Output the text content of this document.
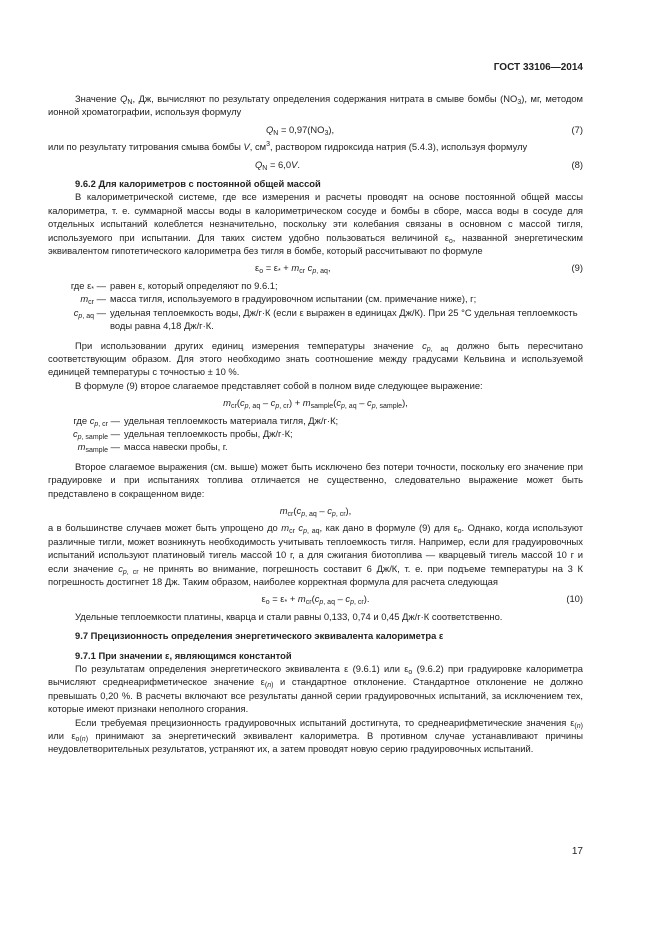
ГОСТ 33106—2014

Значение $Q_N$, Дж, вычисляют по результату определения содержания нитрата в смыве бомбы $(NO_3)$, мг, методом ионной хроматографии, используя формулу

$Q_N = 0,97(NO_3)$,	(7)

или по результату титрования смыва бомбы V, $см^3$, раствором гидроксида натрия (5.4.3), используя формулу

$Q_N = 6,0V$.	(8)

9.6.2 Для калориметров с постоянной общей массой

В калориметрической системе, где все измерения и расчеты проводят на основе постоянной общей массы калориметра, т. е. суммарной массы воды в калориметрическом сосуде и бомбы в сборе, масса воды в сосуде для отдельных испытаний колеблется незначительно, поскольку эти колебания связаны в основном с массой тигля, используемого при испытании. Для таких систем удобно пользоваться величиной $\varepsilon_o$, названной энергетическим эквивалентом гипотетического калориметра без тигля в бомбе, который рассчитывают по формуле

$\varepsilon_o = \varepsilon_* + m_{cr}$ $c_{p, aq}$,	(9)
где $\varepsilon_*$ — равен ε, который определяют по 9.6.1;
$m_{cr}$ — масса тигля, используемого в градуировочном испытании (см. примечание ниже), г;
$c_{p, aq}$ — удельная теплоемкость воды, Дж/г·К (если ε выражен в единицах Дж/К). При 25 °С удельная теплоемкость воды равна 4,18 Дж/г·К.

При использовании других единиц измерения температуры значение $c_{p, aq}$ должно быть пересчитано соответствующим образом. Для этого необходимо знать соотношение между градусами Кельвина и используемой единицей температуры с точностью ± 10 %.

В формуле (9) второе слагаемое представляет собой в полном виде следующее выражение:

$m_{cr}(c_{p, aq} - c_{p, cr}) + m_{sample}(c_{p, aq} - c_{p, sample})$,
где $c_{p, cr}$ — удельная теплоемкость материала тигля, Дж/г·К;
$c_{p, sample}$ — удельная теплоемкость пробы, Дж/г·К;
$m_{sample}$ — масса навески пробы, г.

Второе слагаемое выражения (см. выше) может быть исключено без потери точности, поскольку его значение при градуировке и при испытаниях топлива отличается не существенно, следовательно выражение может быть представлено в сокращенном виде:

$m_{cr}(c_{p, aq} - c_{p, cr})$,

а в большинстве случаев может быть упрощено до $m_{cr}$ $c_{p, aq}$, как дано в формуле (9) для $\varepsilon_o$. Однако, когда используют различные тигли, может возникнуть необходимость учитывать теплоемкость тигля. Например, если для градуировочных испытаний используют платиновый тигель массой 10 г, а для сжигания биотоплива — кварцевый тигель массой 10 г и если значение $c_{p, cr}$ не принять во внимание, погрешность составит 6 Дж/К, т. е. при подъеме температуры на 3 К погрешность достигнет 18 Дж. Таким образом, наиболее корректная формула для расчета следующая

$\varepsilon_o = \varepsilon_* + m_{cr}(c_{p, aq} - c_{p, cr})$.	(10)

Удельные теплоемкости платины, кварца и стали равны 0,133, 0,74 и 0,45 Дж/г·К соответственно.

9.7 Прецизионность определения энергетического эквивалента калориметра ε

9.7.1 При значении ε, являющимся константой

По результатам определения энергетического эквивалента ε (9.6.1) или $\varepsilon_o$ (9.6.2) при градуировке калориметра вычисляют среднеарифметическое значение $\varepsilon_{(n)}$ и стандартное отклонение. Стандартное отклонение не должно превышать 0,20 %. В расчеты включают все результаты данной серии градуировочных испытаний, за исключением тех, которые имеют признаки неполного сгорания.

Если требуемая прецизионность градуировочных испытаний достигнута, то среднеарифметические значения $\varepsilon_{(n)}$ или $\varepsilon_{o(n)}$ принимают за энергетический эквивалент калориметра. В противном случае устанавливают причины неудовлетворительных результатов, устраняют их, а затем проводят новую серию градуировочных испытаний.

17
